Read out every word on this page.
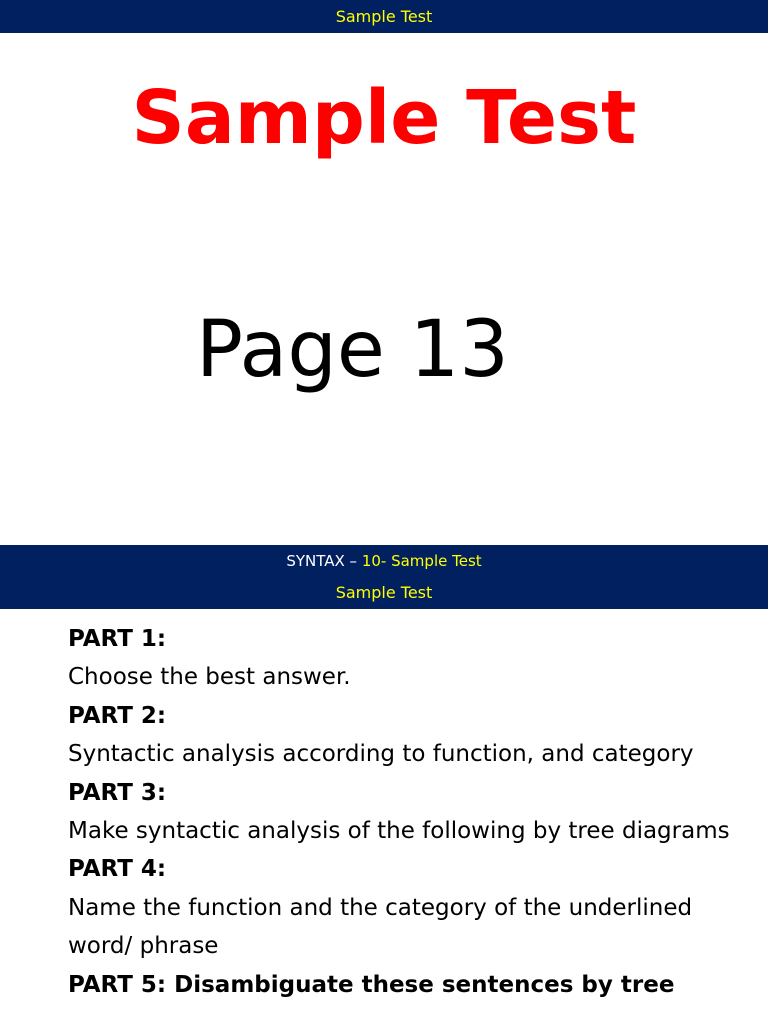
Sample Test
Sample Test
Page 13
SYNTAX – 10- Sample Test
Sample Test
PART 1:
Choose the best answer.
PART 2:
Syntactic analysis according to function, and category
PART 3:
Make syntactic analysis of the following by tree diagrams
PART 4:
Name the function and the category of the underlined word/ phrase
PART 5: Disambiguate these sentences by tree
